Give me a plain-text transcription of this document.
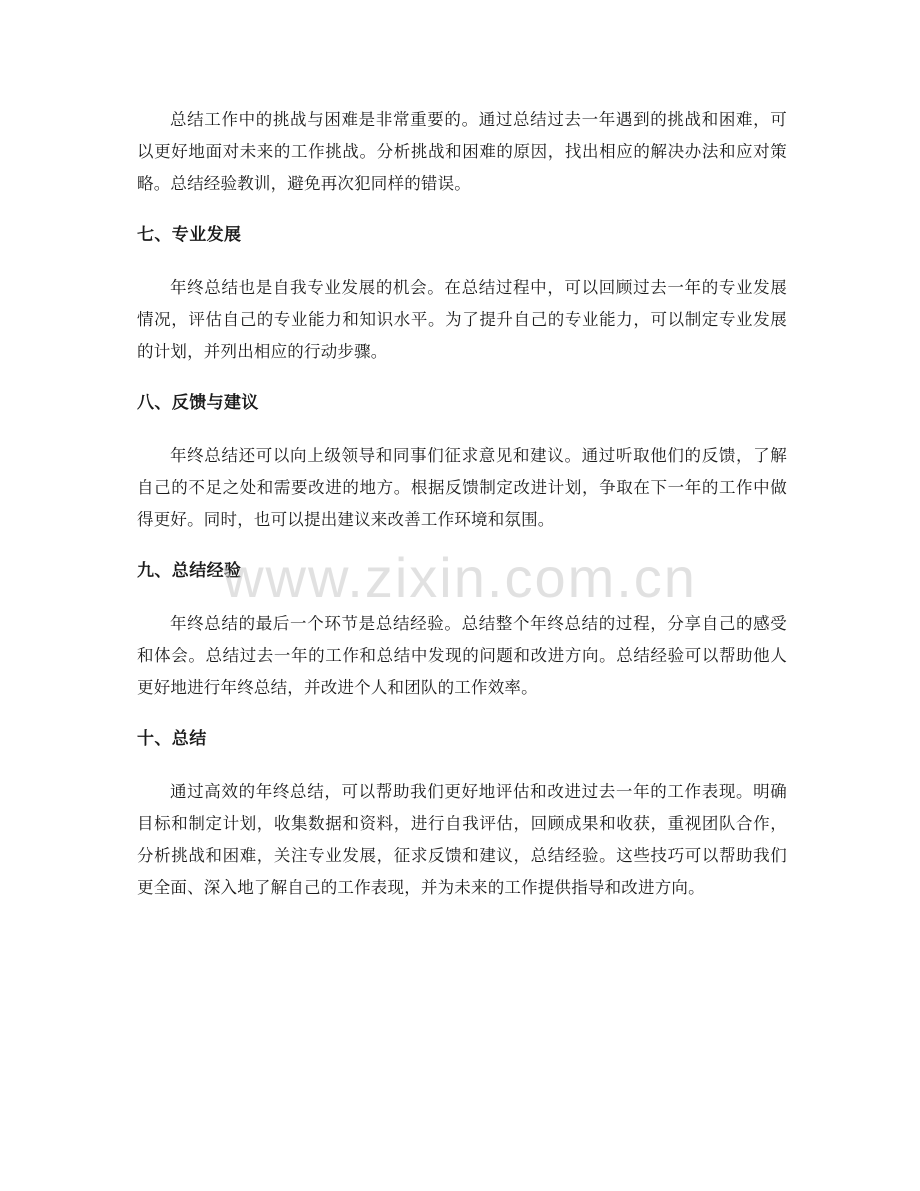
总结工作中的挑战与困难是非常重要的。通过总结过去一年遇到的挑战和困难，可以更好地面对未来的工作挑战。分析挑战和困难的原因，找出相应的解决办法和应对策略。总结经验教训，避免再次犯同样的错误。

七、专业发展

年终总结也是自我专业发展的机会。在总结过程中，可以回顾过去一年的专业发展情况，评估自己的专业能力和知识水平。为了提升自己的专业能力，可以制定专业发展的计划，并列出相应的行动步骤。

八、反馈与建议

年终总结还可以向上级领导和同事们征求意见和建议。通过听取他们的反馈，了解自己的不足之处和需要改进的地方。根据反馈制定改进计划，争取在下一年的工作中做得更好。同时，也可以提出建议来改善工作环境和氛围。

九、总结经验

年终总结的最后一个环节是总结经验。总结整个年终总结的过程，分享自己的感受和体会。总结过去一年的工作和总结中发现的问题和改进方向。总结经验可以帮助他人更好地进行年终总结，并改进个人和团队的工作效率。

十、总结

通过高效的年终总结，可以帮助我们更好地评估和改进过去一年的工作表现。明确目标和制定计划，收集数据和资料，进行自我评估，回顾成果和收获，重视团队合作，分析挑战和困难，关注专业发展，征求反馈和建议，总结经验。这些技巧可以帮助我们更全面、深入地了解自己的工作表现，并为未来的工作提供指导和改进方向。

www.zixin.com.cn
